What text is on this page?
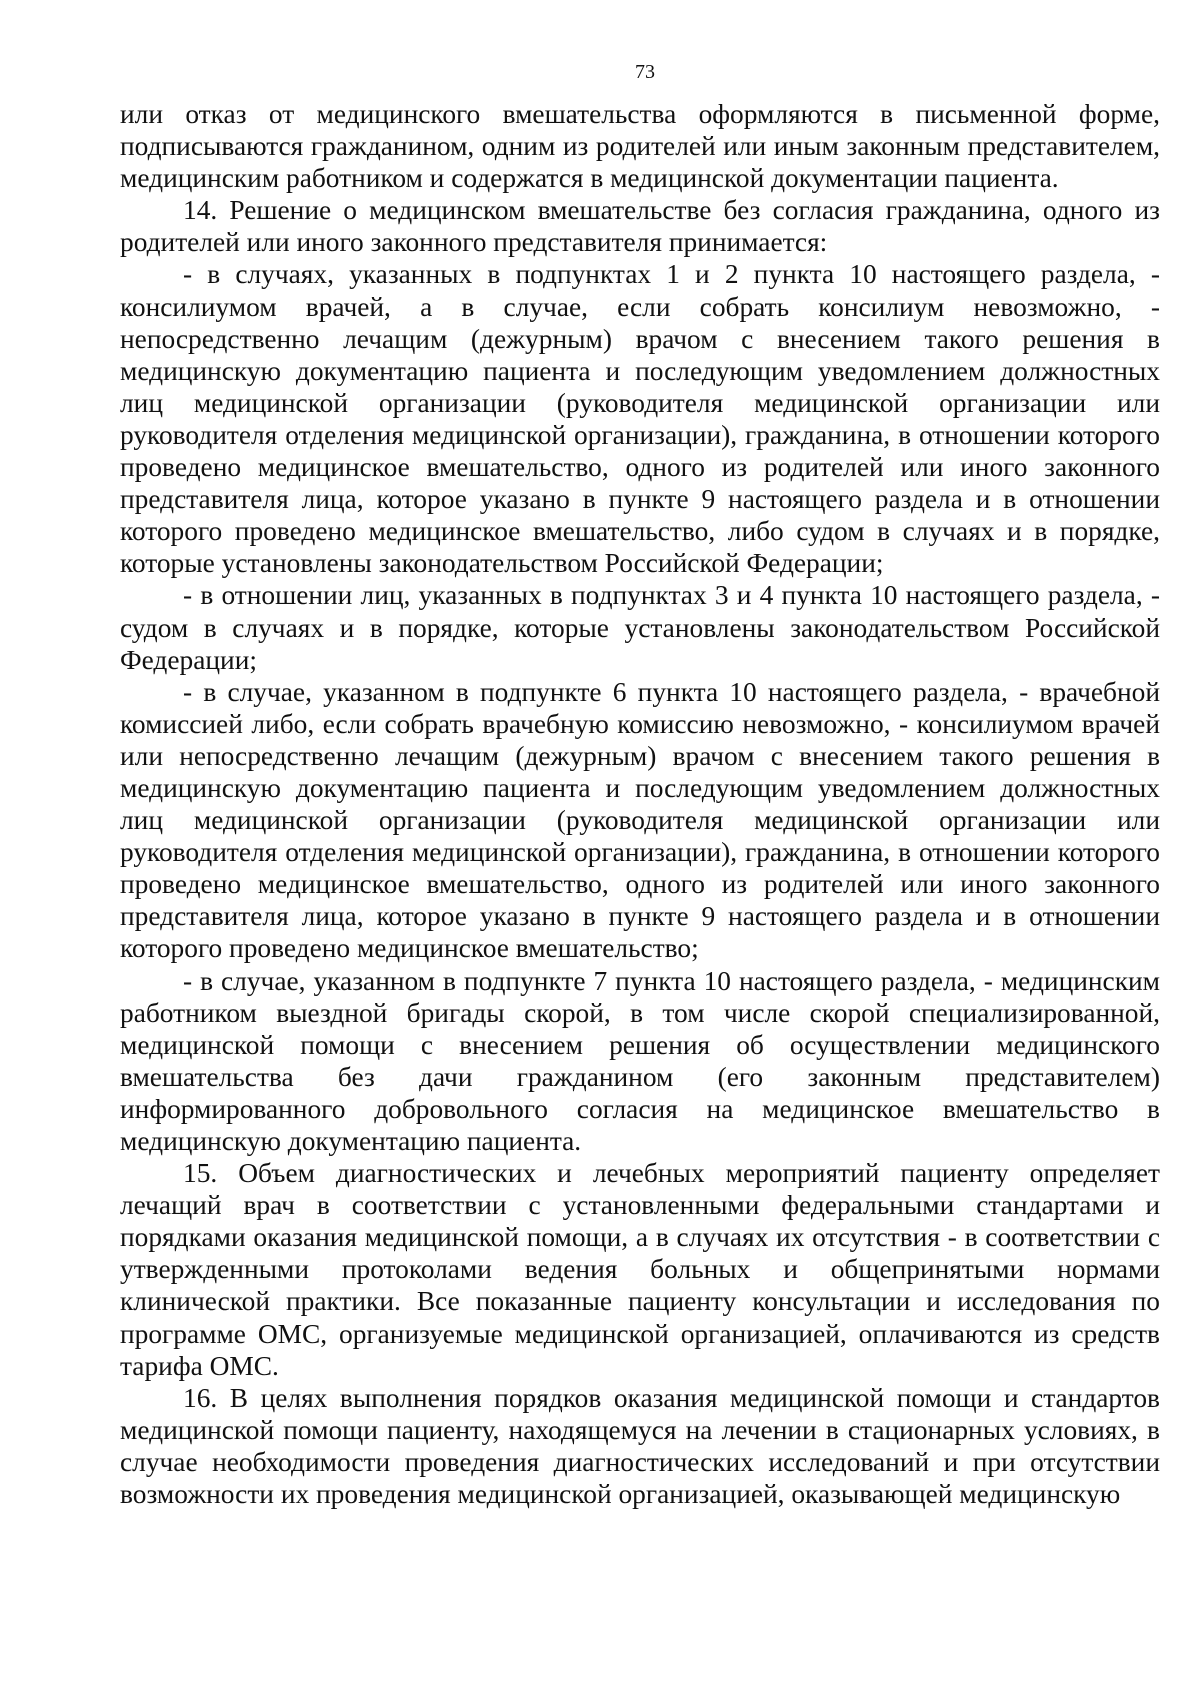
73

или отказ от медицинского вмешательства оформляются в письменной форме, подписываются гражданином, одним из родителей или иным законным представителем, медицинским работником и содержатся в медицинской документации пациента.

14. Решение о медицинском вмешательстве без согласия гражданина, одного из родителей или иного законного представителя принимается:

- в случаях, указанных в подпунктах 1 и 2 пункта 10 настоящего раздела, - консилиумом врачей, а в случае, если собрать консилиум невозможно, - непосредственно лечащим (дежурным) врачом с внесением такого решения в медицинскую документацию пациента и последующим уведомлением должностных лиц медицинской организации (руководителя медицинской организации или руководителя отделения медицинской организации), гражданина, в отношении которого проведено медицинское вмешательство, одного из родителей или иного законного представителя лица, которое указано в пункте 9 настоящего раздела и в отношении которого проведено медицинское вмешательство, либо судом в случаях и в порядке, которые установлены законодательством Российской Федерации;

- в отношении лиц, указанных в подпунктах 3 и 4 пункта 10 настоящего раздела, - судом в случаях и в порядке, которые установлены законодательством Российской Федерации;

- в случае, указанном в подпункте 6 пункта 10 настоящего раздела, - врачебной комиссией либо, если собрать врачебную комиссию невозможно, - консилиумом врачей или непосредственно лечащим (дежурным) врачом с внесением такого решения в медицинскую документацию пациента и последующим уведомлением должностных лиц медицинской организации (руководителя медицинской организации или руководителя отделения медицинской организации), гражданина, в отношении которого проведено медицинское вмешательство, одного из родителей или иного законного представителя лица, которое указано в пункте 9 настоящего раздела и в отношении которого проведено медицинское вмешательство;

- в случае, указанном в подпункте 7 пункта 10 настоящего раздела, - медицинским работником выездной бригады скорой, в том числе скорой специализированной, медицинской помощи с внесением решения об осуществлении медицинского вмешательства без дачи гражданином (его законным представителем) информированного добровольного согласия на медицинское вмешательство в медицинскую документацию пациента.

15. Объем диагностических и лечебных мероприятий пациенту определяет лечащий врач в соответствии с установленными федеральными стандартами и порядками оказания медицинской помощи, а в случаях их отсутствия - в соответствии с утвержденными протоколами ведения больных и общепринятыми нормами клинической практики. Все показанные пациенту консультации и исследования по программе ОМС, организуемые медицинской организацией, оплачиваются из средств тарифа ОМС.

16. В целях выполнения порядков оказания медицинской помощи и стандартов медицинской помощи пациенту, находящемуся на лечении в стационарных условиях, в случае необходимости проведения диагностических исследований и при отсутствии возможности их проведения медицинской организацией, оказывающей медицинскую
